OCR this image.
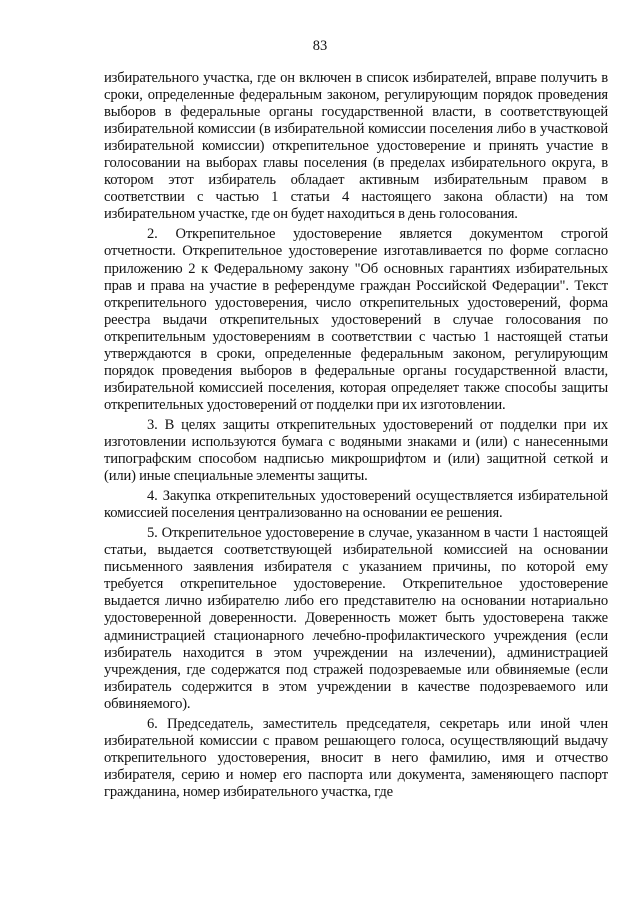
83

избирательного участка, где он включен в список избирателей, вправе получить в сроки, определенные федеральным законом, регулирующим порядок проведения выборов в федеральные органы государственной власти, в соответствующей избирательной комиссии (в избирательной комиссии поселения либо в участковой избирательной комиссии) открепительное удостоверение и принять участие в голосовании на выборах главы поселения (в пределах избирательного округа, в котором этот избиратель обладает активным избирательным правом в соответствии с частью 1 статьи 4 настоящего закона области) на том избирательном участке, где он будет находиться в день голосования.

2. Открепительное удостоверение является документом строгой отчетности. Открепительное удостоверение изготавливается по форме согласно приложению 2 к Федеральному закону "Об основных гарантиях избирательных прав и права на участие в референдуме граждан Российской Федерации". Текст открепительного удостоверения, число открепительных удостоверений, форма реестра выдачи открепительных удостоверений в случае голосования по открепительным удостоверениям в соответствии с частью 1 настоящей статьи утверждаются в сроки, определенные федеральным законом, регулирующим порядок проведения выборов в федеральные органы государственной власти, избирательной комиссией поселения, которая определяет также способы защиты открепительных удостоверений от подделки при их изготовлении.

3. В целях защиты открепительных удостоверений от подделки при их изготовлении используются бумага с водяными знаками и (или) с нанесенными типографским способом надписью микрошрифтом и (или) защитной сеткой и (или) иные специальные элементы защиты.

4. Закупка открепительных удостоверений осуществляется избирательной комиссией поселения централизованно на основании ее решения.

5. Открепительное удостоверение в случае, указанном в части 1 настоящей статьи, выдается соответствующей избирательной комиссией на основании письменного заявления избирателя с указанием причины, по которой ему требуется открепительное удостоверение. Открепительное удостоверение выдается лично избирателю либо его представителю на основании нотариально удостоверенной доверенности. Доверенность может быть удостоверена также администрацией стационарного лечебно-профилактического учреждения (если избиратель находится в этом учреждении на излечении), администрацией учреждения, где содержатся под стражей подозреваемые или обвиняемые (если избиратель содержится в этом учреждении в качестве подозреваемого или обвиняемого).

6. Председатель, заместитель председателя, секретарь или иной член избирательной комиссии с правом решающего голоса, осуществляющий выдачу открепительного удостоверения, вносит в него фамилию, имя и отчество избирателя, серию и номер его паспорта или документа, заменяющего паспорт гражданина, номер избирательного участка, где
